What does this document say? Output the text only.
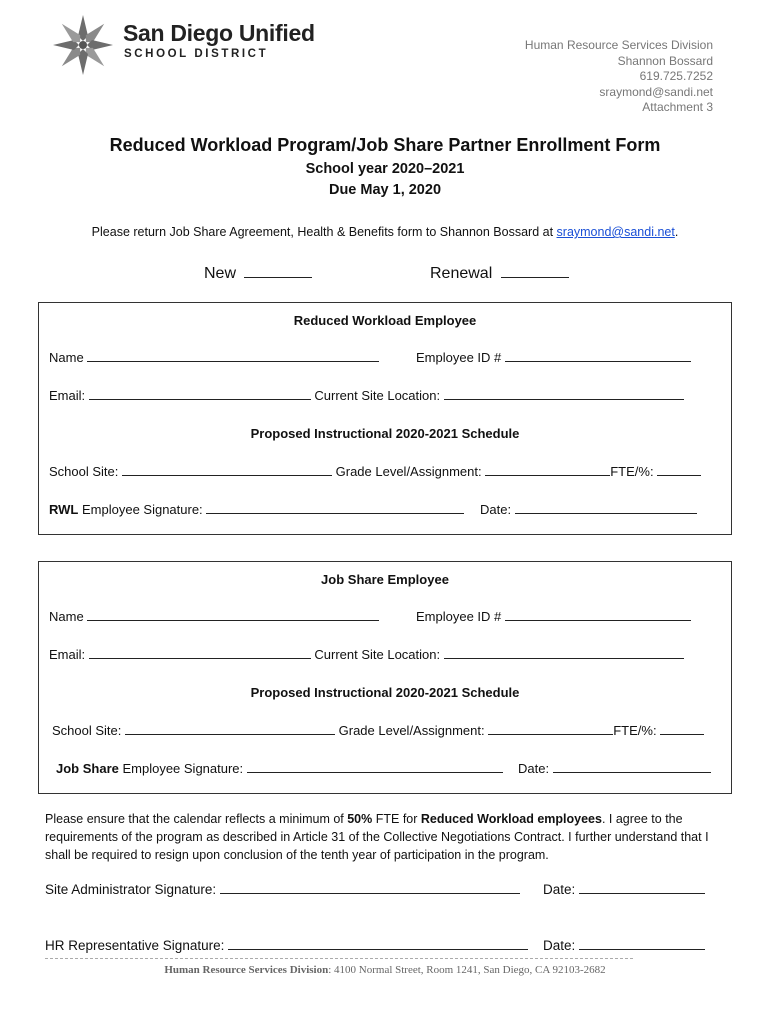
San Diego Unified
SCHOOL DISTRICT
Human Resource Services Division
Shannon Bossard
619.725.7252
sraymond@sandi.net
Attachment 3
Reduced Workload Program/Job Share Partner Enrollment Form
School year 2020–2021
Due May 1, 2020
Please return Job Share Agreement, Health & Benefits form to Shannon Bossard at sraymond@sandi.net.
New	Renewal
Reduced Workload Employee
Name	Employee ID #
Email:	Current Site Location:
Proposed Instructional 2020-2021 Schedule
School Site:	Grade Level/Assignment:	FTE/%:
RWL Employee Signature:	Date:
Job Share Employee
Name	Employee ID #
Email:	Current Site Location:
Proposed Instructional 2020-2021 Schedule
School Site:	Grade Level/Assignment:	FTE/%:
Job Share Employee Signature:	Date:
Please ensure that the calendar reflects a minimum of 50% FTE for Reduced Workload employees. I agree to the requirements of the program as described in Article 31 of the Collective Negotiations Contract. I further understand that I shall be required to resign upon conclusion of the tenth year of participation in the program.
Site Administrator Signature:	Date:
HR Representative Signature:	Date:
Human Resource Services Division: 4100 Normal Street, Room 1241, San Diego, CA 92103-2682
